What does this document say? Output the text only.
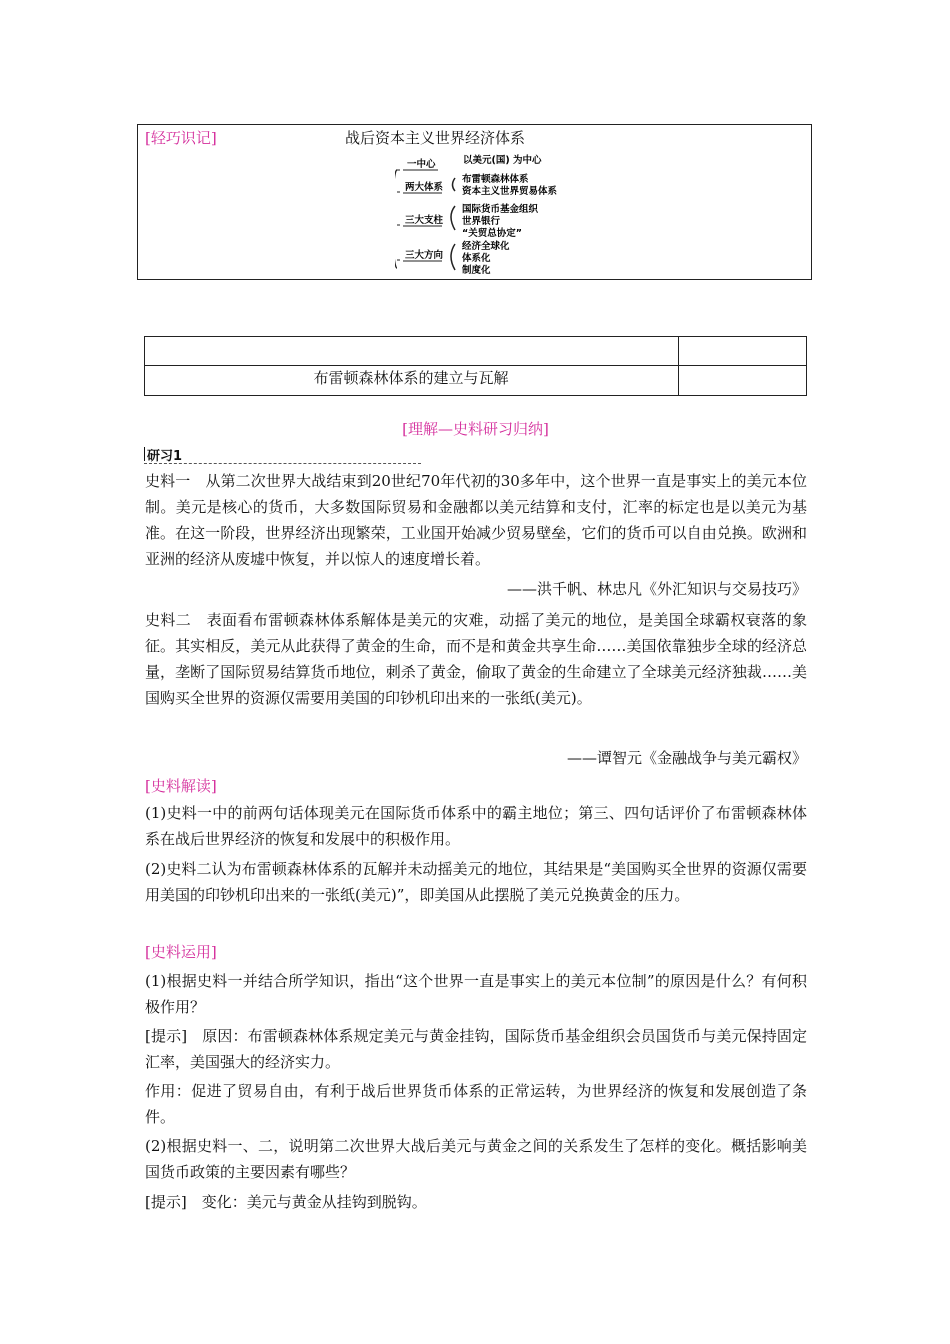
[轻巧识记]	战后资本主义世界经济体系
一中心	以美元(国) 为中心
两大体系
布雷顿森林体系
资本主义世界贸易体系
三大支柱
国际货币基金组织
世界银行
“关贸总协定”
三大方向
经济全球化
体系化
制度化
布雷顿森林体系的建立与瓦解
[理解—史料研习归纳]
研习1
史料一　从第二次世界大战结束到20世纪70年代初的30多年中，这个世界一直是事实上的美元本位制。美元是核心的货币，大多数国际贸易和金融都以美元结算和支付，汇率的标定也是以美元为基准。在这一阶段，世界经济出现繁荣，工业国开始减少贸易壁垒，它们的货币可以自由兑换。欧洲和亚洲的经济从废墟中恢复，并以惊人的速度增长着。
——洪千帆、林忠凡《外汇知识与交易技巧》
史料二　表面看布雷顿森林体系解体是美元的灾难，动摇了美元的地位，是美国全球霸权衰落的象征。其实相反，美元从此获得了黄金的生命，而不是和黄金共享生命……美国依靠独步全球的经济总量，垄断了国际贸易结算货币地位，刺杀了黄金，偷取了黄金的生命建立了全球美元经济独裁……美国购买全世界的资源仅需要用美国的印钞机印出来的一张纸(美元)。
——谭智元《金融战争与美元霸权》
[史料解读]
(1)史料一中的前两句话体现美元在国际货币体系中的霸主地位；第三、四句话评价了布雷顿森林体系在战后世界经济的恢复和发展中的积极作用。
(2)史料二认为布雷顿森林体系的瓦解并未动摇美元的地位，其结果是“美国购买全世界的资源仅需要用美国的印钞机印出来的一张纸(美元)”，即美国从此摆脱了美元兑换黄金的压力。
[史料运用]
(1)根据史料一并结合所学知识，指出“这个世界一直是事实上的美元本位制”的原因是什么？有何积极作用？
[提示]　原因：布雷顿森林体系规定美元与黄金挂钩，国际货币基金组织会员国货币与美元保持固定汇率，美国强大的经济实力。
作用：促进了贸易自由，有利于战后世界货币体系的正常运转，为世界经济的恢复和发展创造了条件。
(2)根据史料一、二，说明第二次世界大战后美元与黄金之间的关系发生了怎样的变化。概括影响美国货币政策的主要因素有哪些？
[提示]　变化：美元与黄金从挂钩到脱钩。
